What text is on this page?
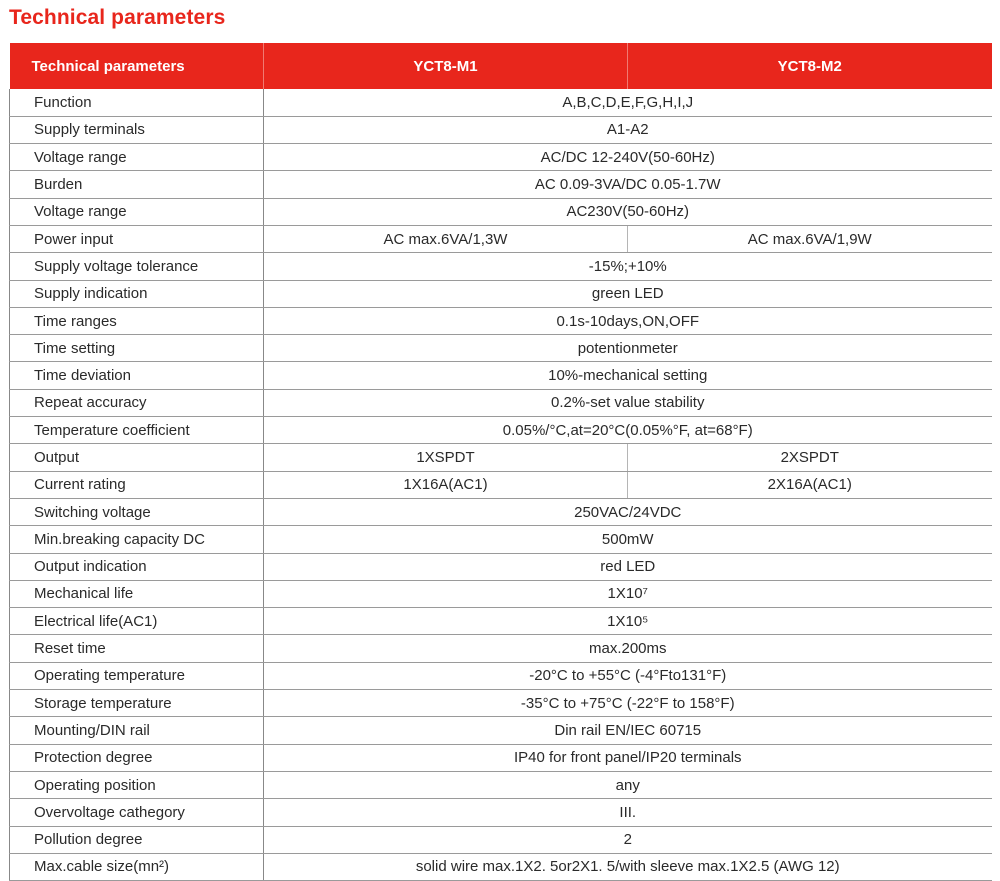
Technical parameters
Technical parameters	YCT8-M1	YCT8-M2
Function	A,B,C,D,E,F,G,H,I,J	
Supply terminals	A1-A2	
Voltage range	AC/DC 12-240V(50-60Hz)	
Burden	AC 0.09-3VA/DC 0.05-1.7W	
Voltage range	AC230V(50-60Hz)	
Power input	AC max.6VA/1,3W	AC max.6VA/1,9W
Supply voltage tolerance	-15%;+10%	
Supply indication	green LED	
Time ranges	0.1s-10days,ON,OFF	
Time setting	potentionmeter	
Time deviation	10%-mechanical setting	
Repeat accuracy	0.2%-set value stability	
Temperature coefficient	0.05%/°C,at=20°C(0.05%°F, at=68°F)	
Output	1XSPDT	2XSPDT
Current rating	1X16A(AC1)	2X16A(AC1)
Switching voltage	250VAC/24VDC	
Min.breaking capacity DC	500mW	
Output indication	red LED	
Mechanical life	1X10⁷	
Electrical life(AC1)	1X10⁵	
Reset time	max.200ms	
Operating temperature	-20°C to +55°C (-4°Fto131°F)	
Storage temperature	-35°C to +75°C (-22°F to 158°F)	
Mounting/DIN rail	Din rail EN/IEC 60715	
Protection degree	IP40 for front panel/IP20 terminals	
Operating position	any	
Overvoltage cathegory	III.	
Pollution degree	2	
Max.cable size(mn²)	solid wire max.1X2. 5or2X1. 5/with sleeve max.1X2.5 (AWG 12)	
